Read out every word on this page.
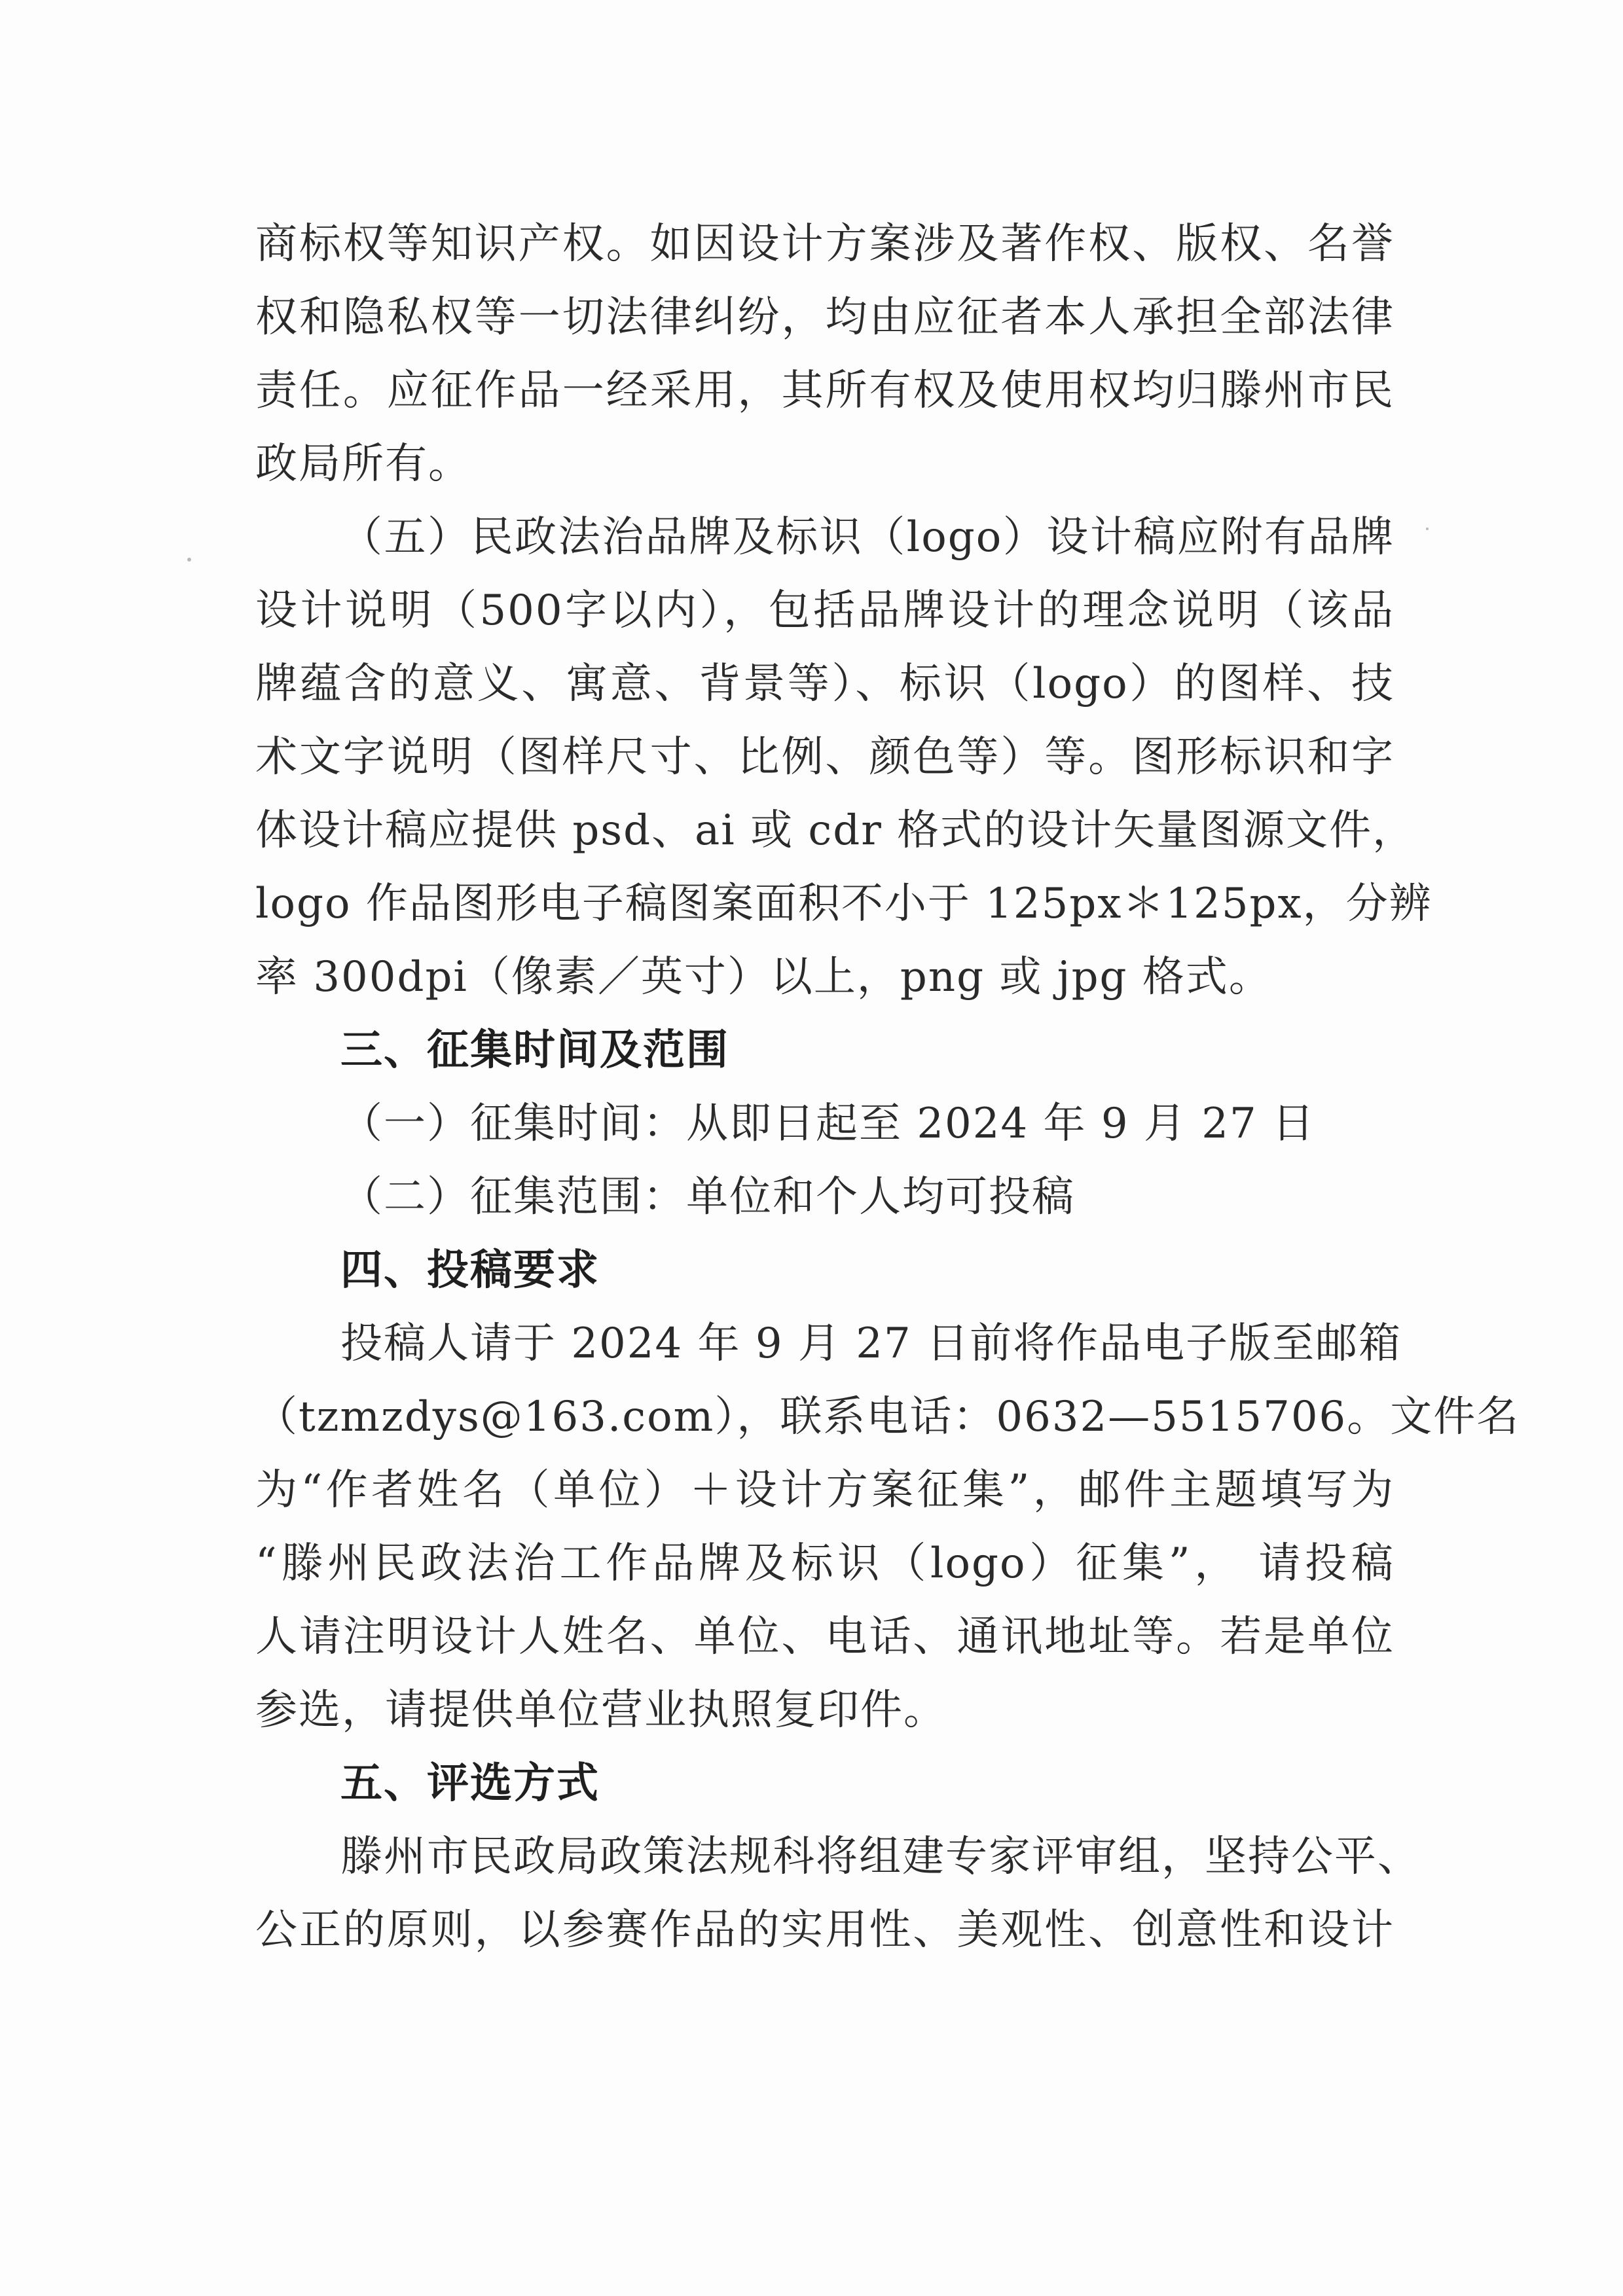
商标权等知识产权。如因设计方案涉及著作权、版权、名誉
权和隐私权等一切法律纠纷，均由应征者本人承担全部法律
责任。应征作品一经采用，其所有权及使用权均归滕州市民
政局所有。
（五）民政法治品牌及标识（logo）设计稿应附有品牌
设计说明（500字以内），包括品牌设计的理念说明（该品
牌蕴含的意义、寓意、背景等）、标识（logo）的图样、技
术文字说明（图样尺寸、比例、颜色等）等。图形标识和字
体设计稿应提供 psd、ai 或 cdr 格式的设计矢量图源文件，
logo 作品图形电子稿图案面积不小于 125px＊125px，分辨
率 300dpi（像素／英寸）以上，png 或 jpg 格式。
三、征集时间及范围
（一）征集时间：从即日起至 2024 年 9 月 27 日
（二）征集范围：单位和个人均可投稿
四、投稿要求
投稿人请于 2024 年 9 月 27 日前将作品电子版至邮箱
（tzmzdys@163.com），联系电话：0632—5515706。文件名
为“作者姓名（单位）＋设计方案征集”，邮件主题填写为
“滕州民政法治工作品牌及标识（logo）征集”， 请投稿
人请注明设计人姓名、单位、电话、通讯地址等。若是单位
参选，请提供单位营业执照复印件。
五、评选方式
滕州市民政局政策法规科将组建专家评审组，坚持公平、
公正的原则，以参赛作品的实用性、美观性、创意性和设计
